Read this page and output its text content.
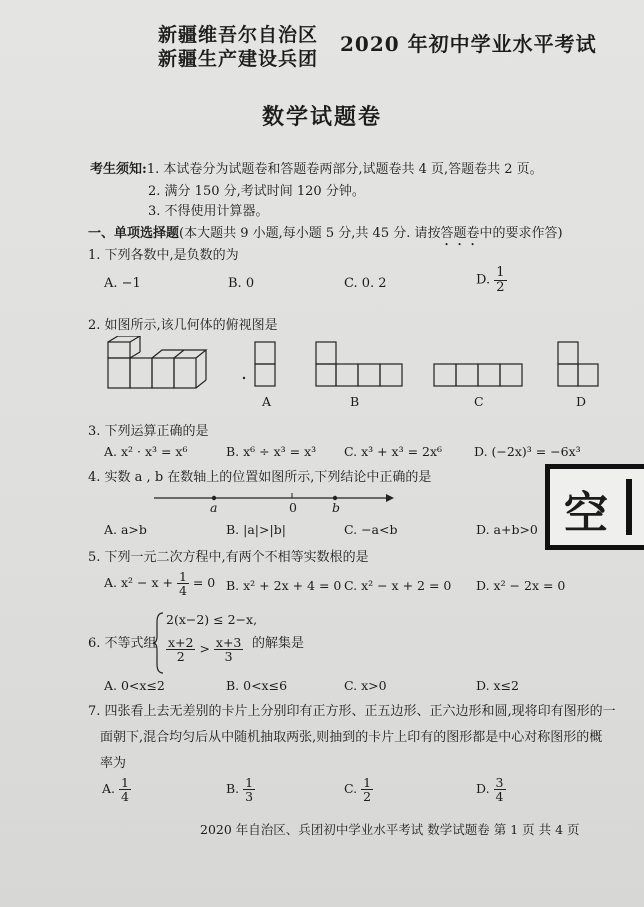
新疆维吾尔自治区
新疆生产建设兵团
2020 年初中学业水平考试
数学试题卷
考生须知:1. 本试卷分为试题卷和答题卷两部分,试题卷共 4 页,答题卷共 2 页。
2. 满分 150 分,考试时间 120 分钟。
3. 不得使用计算器。
一、单项选择题(本大题共 9 小题,每小题 5 分,共 45 分. 请按答题卷中的要求作答)
1. 下列各数中,是负数的为
A. −1	B. 0	C. 0. 2	D. $\frac{1}{2}$
2. 如图所示,该几何体的俯视图是
A	B	C	D
3. 下列运算正确的是
A. x² · x³ = x⁶	B. x⁶ ÷ x³ = x³ C. x³ + x³ = 2x⁶	D. (−2x)³ = −6x³
4. 实数 a , b 在数轴上的位置如图所示,下列结论中正确的是
a	0	b
A. a>b	B. |a|>|b|	C. −a<b	D. a+b>0
5. 下列一元二次方程中,有两个不相等实数根的是
A. $x^2 - x + \frac{1}{4} = 0$ B. x² + 2x + 4 = 0 C. x² − x + 2 = 0 D. x² − 2x = 0
6. 不等式组
2(x−2) ≤ 2−x,
$\frac{x+2}{2} > \frac{x+3}{3}$ 的解集是
A. 0<x≤2	B. 0<x≤6	C. x>0	D. x≤2
7. 四张看上去无差别的卡片上分别印有正方形、正五边形、正六边形和圆,现将印有图形的一
面朝下,混合均匀后从中随机抽取两张,则抽到的卡片上印有的图形都是中心对称图形的概
率为
A. $\frac{1}{4}$	B. $\frac{1}{3}$	C. $\frac{1}{2}$	D. $\frac{3}{4}$
2020 年自治区、兵团初中学业水平考试 数学试题卷 第 1 页 共 4 页
空
